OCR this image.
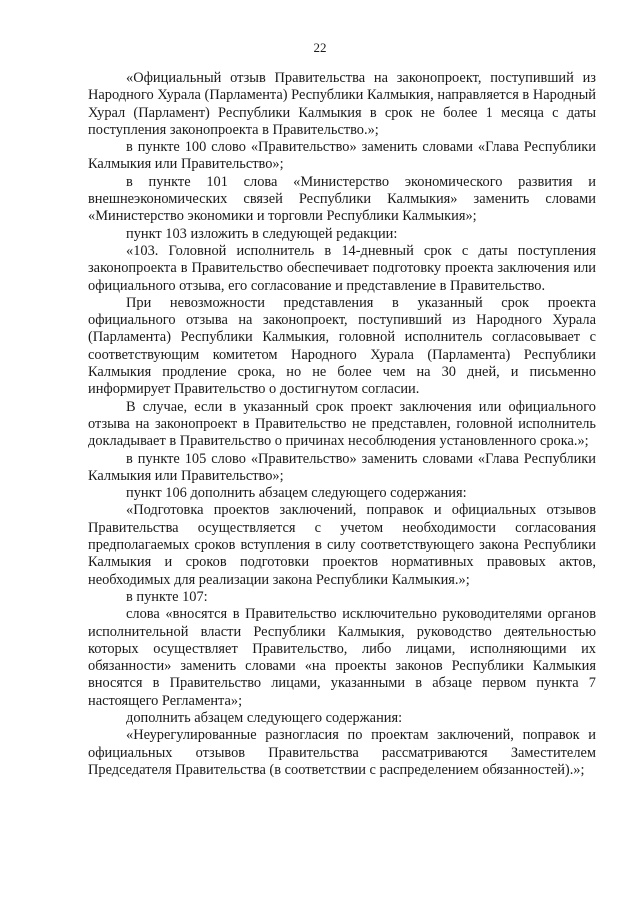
22

«Официальный отзыв Правительства на законопроект, поступивший из Народного Хурала (Парламента) Республики Калмыкия, направляется в Народный Хурал (Парламент) Республики Калмыкия в срок не более 1 месяца с даты поступления законопроекта в Правительство.»;

в пункте 100 слово «Правительство» заменить словами «Глава Республики Калмыкия или Правительство»;

в пункте 101 слова «Министерство экономического развития и внешнеэкономических связей Республики Калмыкия» заменить словами «Министерство экономики и торговли Республики Калмыкия»;

пункт 103 изложить в следующей редакции:

«103. Головной исполнитель в 14-дневный срок с даты поступления законопроекта в Правительство обеспечивает подготовку проекта заключения или официального отзыва, его согласование и представление в Правительство.

При невозможности представления в указанный срок проекта официального отзыва на законопроект, поступивший из Народного Хурала (Парламента) Республики Калмыкия, головной исполнитель согласовывает с соответствующим комитетом Народного Хурала (Парламента) Республики Калмыкия продление срока, но не более чем на 30 дней, и письменно информирует Правительство о достигнутом согласии.

В случае, если в указанный срок проект заключения или официального отзыва на законопроект в Правительство не представлен, головной исполнитель докладывает в Правительство о причинах несоблюдения установленного срока.»;

в пункте 105 слово «Правительство» заменить словами «Глава Республики Калмыкия или Правительство»;

пункт 106 дополнить абзацем следующего содержания:

«Подготовка проектов заключений, поправок и официальных отзывов Правительства осуществляется с учетом необходимости согласования предполагаемых сроков вступления в силу соответствующего закона Республики Калмыкия и сроков подготовки проектов нормативных правовых актов, необходимых для реализации закона Республики Калмыкия.»;

в пункте 107:

слова «вносятся в Правительство исключительно руководителями органов исполнительной власти Республики Калмыкия, руководство деятельностью которых осуществляет Правительство, либо лицами, исполняющими их обязанности» заменить словами «на проекты законов Республики Калмыкия вносятся в Правительство лицами, указанными в абзаце первом пункта 7 настоящего Регламента»;

дополнить абзацем следующего содержания:

«Неурегулированные разногласия по проектам заключений, поправок и официальных отзывов Правительства рассматриваются Заместителем Председателя Правительства (в соответствии с распределением обязанностей).»;
